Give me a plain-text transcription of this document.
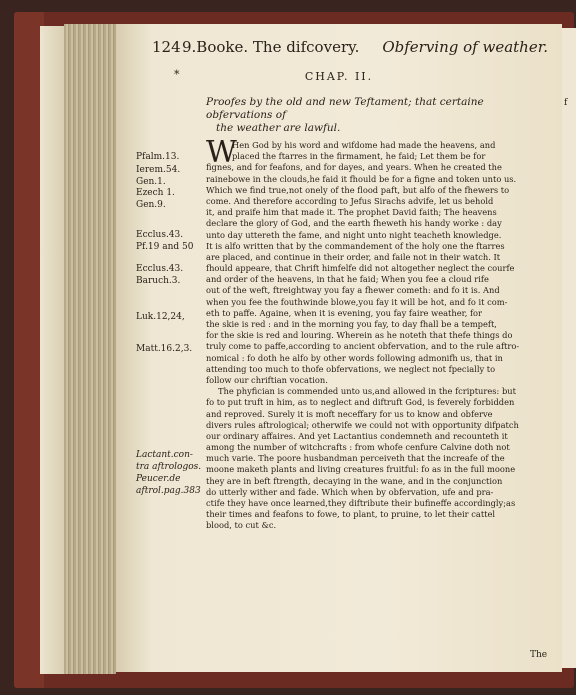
f
124 9.Booke. The difcovery. Obferving of weather.
*	CHAP. II.
Proofes by the old and new Teftament; that certaine obfervations of
the weather are lawful.
Pfalm.13.
Ierem.54.
Gen.1.
Ezech 1.
Gen.9.
Ecclus.43.
Pf.19 and 50
Ecclus.43.
Baruch.3.
Luk.12,24,
Matt.16.2,3.
Lactant.con-
tra aftrologos.
Peucer.de
aftrol.pag.383
W
Hen God by his word and wifdome had made the heavens, and
placed the ftarres in the firmament, he faid; Let them be for
fignes, and for feafons, and for dayes, and years. When he created the
rainebowe in the clouds,he faid it fhould be for a figne and token unto us.
Which we find true,not onely of the flood paft, but alfo of the fhewers to
come. And therefore according to Jefus Sirachs advife, let us behold
it, and praife him that made it. The prophet David faith; The heavens
declare the glory of God, and the earth fheweth his handy worke : day
unto day uttereth the fame, and night unto night teacheth knowledge.
It is alfo written that by the commandement of the holy one the ftarres
are placed, and continue in their order, and faile not in their watch. It
fhould appeare, that Chrift himfelfe did not altogether neglect the courfe
and order of the heavens, in that he faid; When you fee a cloud rife
out of the weft, ftreightway you fay a fhewer cometh: and fo it is. And
when you fee the fouthwinde blowe,you fay it will be hot, and fo it com-
eth to paffe. Againe, when it is evening, you fay faire weather, for
the skie is red : and in the morning you fay, to day fhall be a tempeft,
for the skie is red and louring. Wherein as he noteth that thefe things do
truly come to paffe,according to ancient obfervation, and to the rule aftro-
nomical : fo doth he alfo by other words following admonifh us, that in
attending too much to thofe obfervations, we neglect not fpecially to
follow our chriftian vocation.
The phyfician is commended unto us,and allowed in the fcriptures: but
fo to put truft in him, as to neglect and diftruft God, is feverely forbidden
and reproved. Surely it is moft neceffary for us to know and obferve
divers rules aftrological; otherwife we could not with opportunity difpatch
our ordinary affaires. And yet Lactantius condemneth and recounteth it
among the number of witchcrafts : from whofe cenfure Calvine doth not
much varie. The poore husbandman perceiveth that the increafe of the
moone maketh plants and living creatures fruitful: fo as in the full moone
they are in beft ftrength, decaying in the wane, and in the conjunction
do utterly wither and fade. Which when by obfervation, ufe and pra-
ctife they have once learned,they diftribute their bufineffe accordingly;as
their times and feafons to fowe, to plant, to pruine, to let their cattel
blood, to cut &c.
The
